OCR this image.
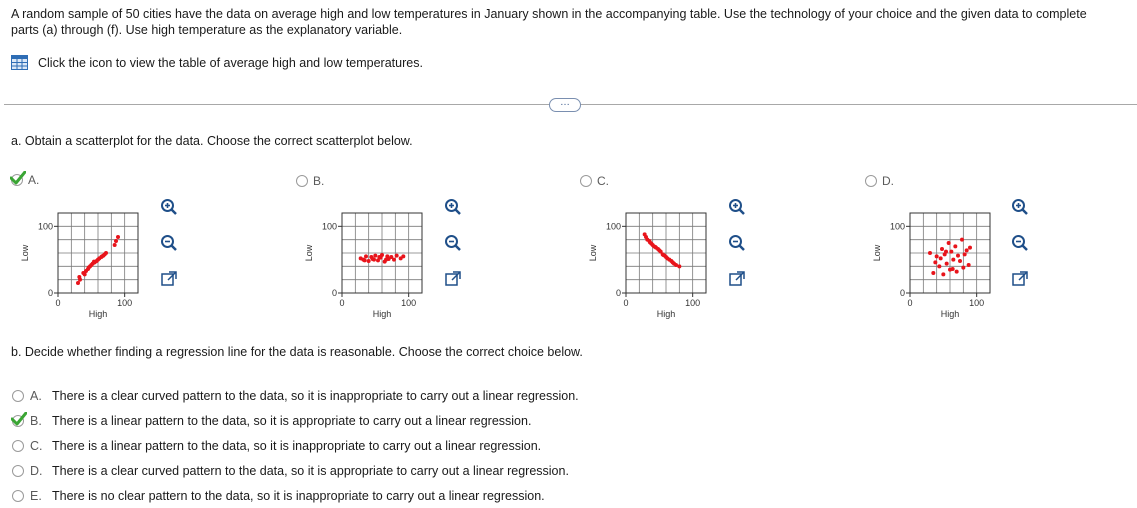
A random sample of 50 cities have the data on average high and low temperatures in January shown in the accompanying table. Use the technology of your choice and the given data to complete
parts (a) through (f). Use high temperature as the explanatory variable.
Click the icon to view the table of average high and low temperatures.
…
a. Obtain a scatterplot for the data. Choose the correct scatterplot below.
A.	B.	C.	D.
100
0
0	100
High
Low
100
0
0	100
High
Low
100
0
0	100
High
Low
100
0
0	100
High
Low
b. Decide whether finding a regression line for the data is reasonable. Choose the correct choice below.
A. There is a clear curved pattern to the data, so it is inappropriate to carry out a linear regression.
B. There is a linear pattern to the data, so it is appropriate to carry out a linear regression.
C. There is a linear pattern to the data, so it is inappropriate to carry out a linear regression.
D. There is a clear curved pattern to the data, so it is appropriate to carry out a linear regression.
E. There is no clear pattern to the data, so it is inappropriate to carry out a linear regression.
